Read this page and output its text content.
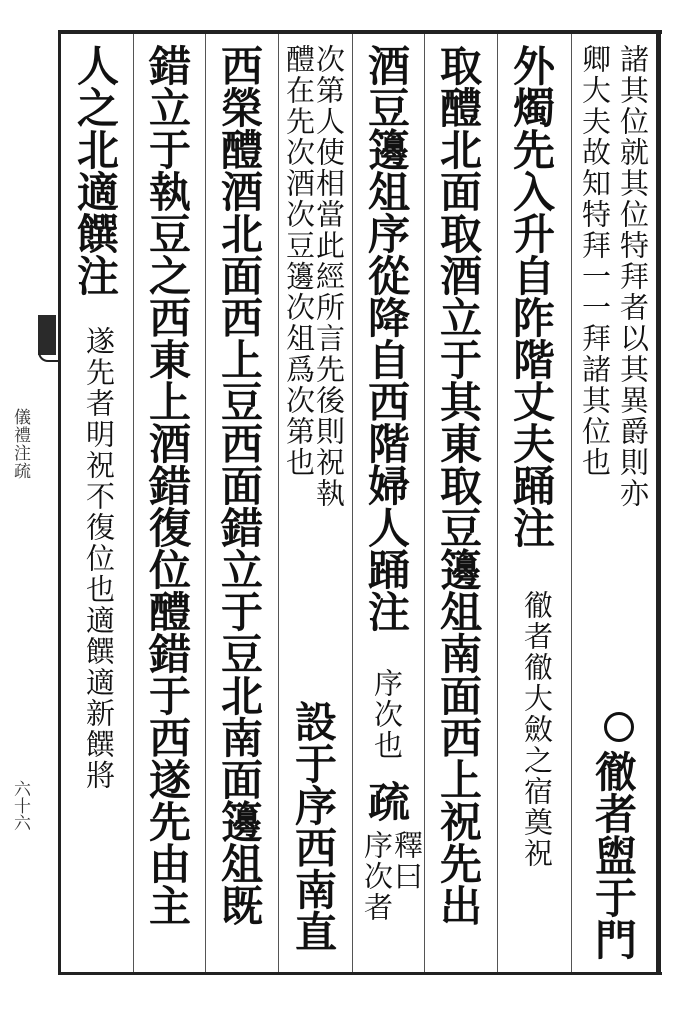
儀禮注疏
六十六
諸其位就其位特拜者以其異爵則亦
卿大夫故知特拜一一拜諸其位也
徹者盥于門
外燭先入升自阼階丈夫踊注
徹者徹大斂之宿奠祝
取醴北面取酒立于其東取豆籩俎南面西上祝先出
酒豆籩俎序從降自西階婦人踊注
序次也
疏
釋曰
序次者
次第人使相當此經所言先後則祝執
醴在先次酒次豆籩次俎爲次第也
設于序西南直
西榮醴酒北面西上豆西面錯立于豆北南面籩俎既
錯立于執豆之西東上酒錯復位醴錯于西遂先由主
人之北適饌注
遂先者明祝不復位也適饌適新饌將
